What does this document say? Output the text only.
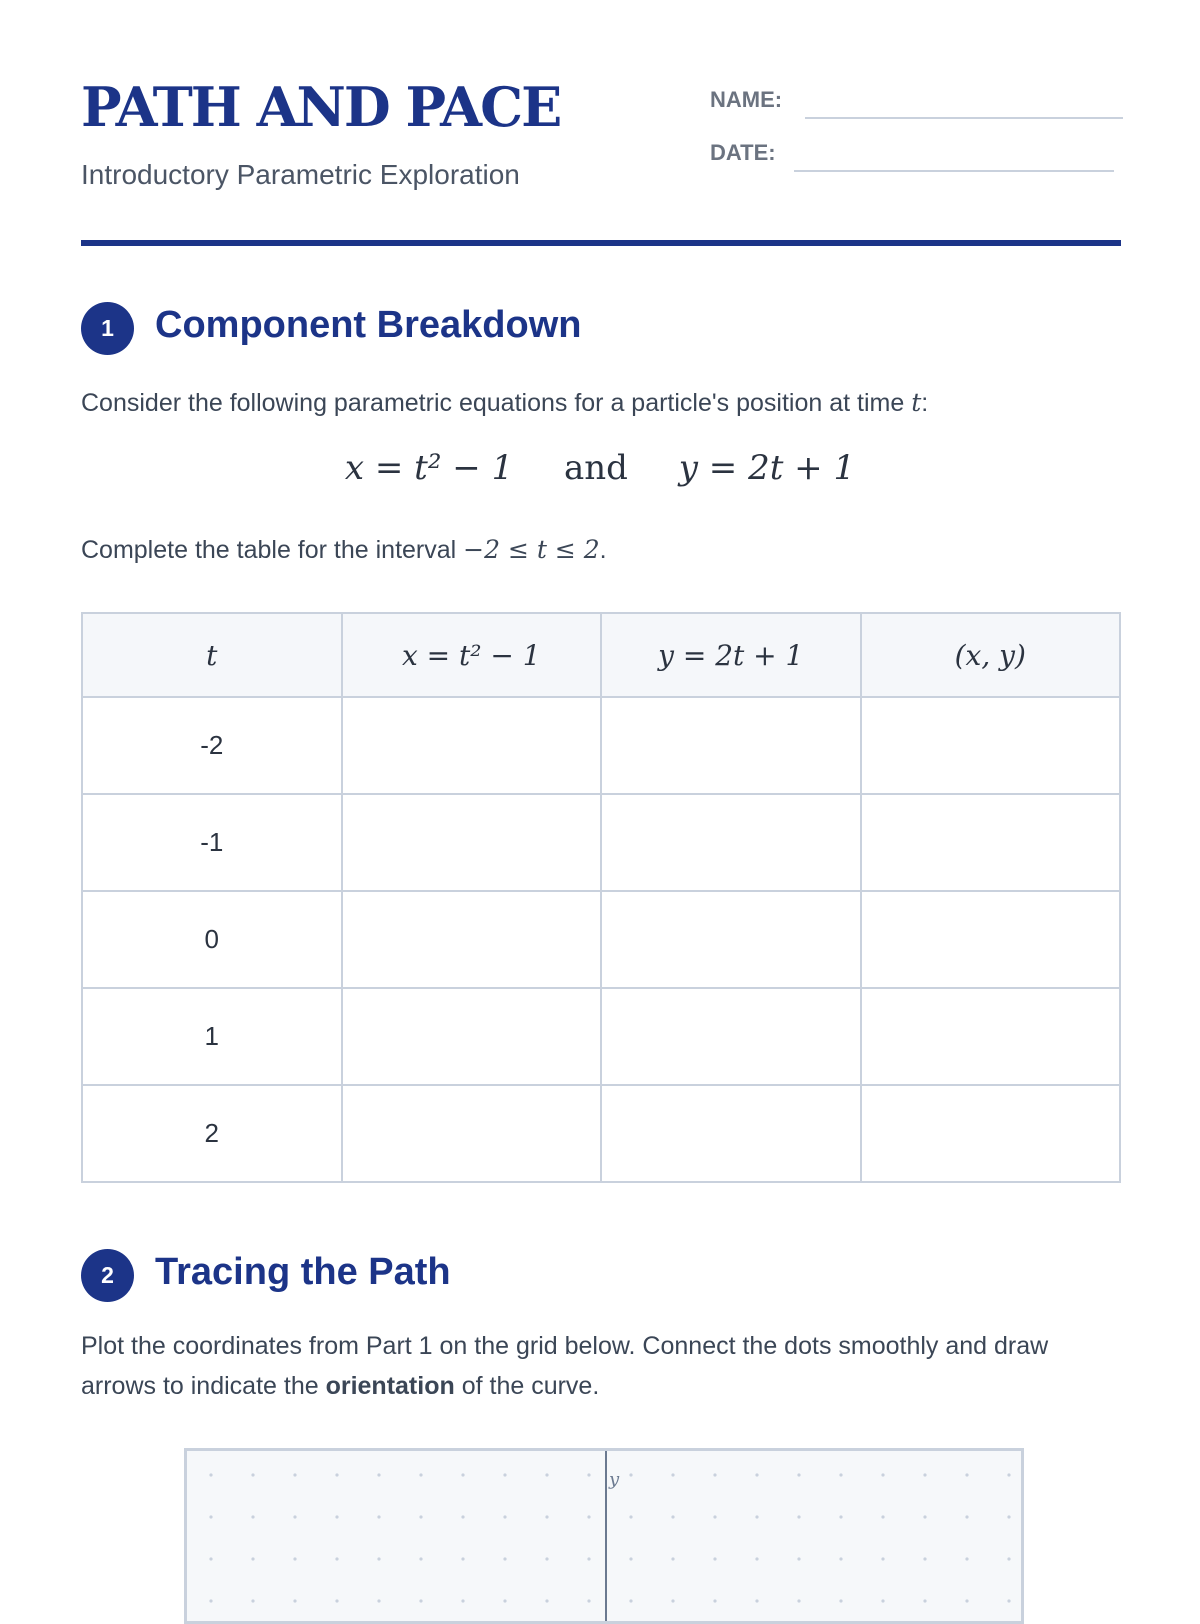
PATH AND PACE
Introductory Parametric Exploration
NAME:
DATE:
1	Component Breakdown
Consider the following parametric equations for a particle's position at time t:
x = t² − 1 and y = 2t + 1
Complete the table for the interval −2 ≤ t ≤ 2.
t	x = t² − 1	y = 2t + 1	(x, y)
-2			
-1			
0			
1			
2			
2	Tracing the Path
Plot the coordinates from Part 1 on the grid below. Connect the dots smoothly and draw arrows to indicate the orientation of the curve.
y
